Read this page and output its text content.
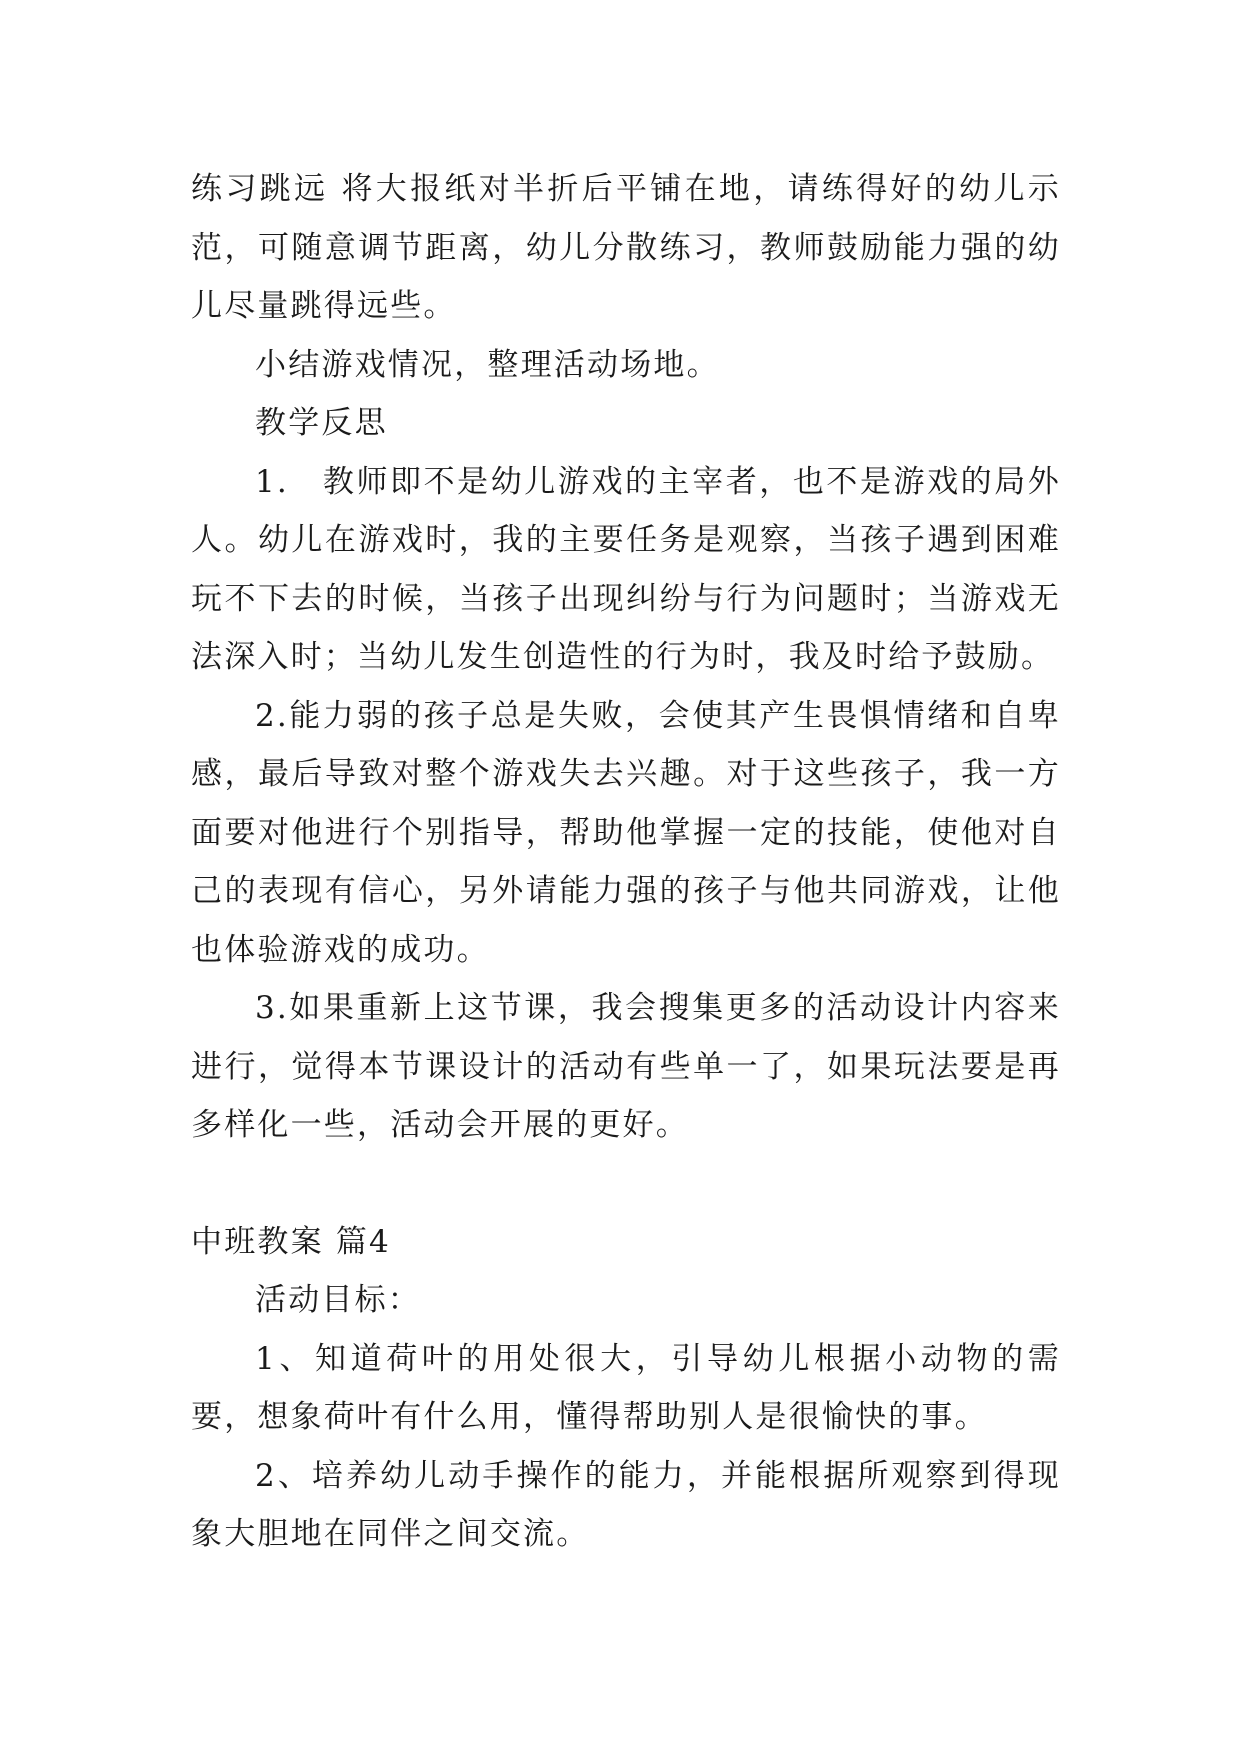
练习跳远 将大报纸对半折后平铺在地，请练得好的幼儿示范，可随意调节距离，幼儿分散练习，教师鼓励能力强的幼儿尽量跳得远些。

小结游戏情况，整理活动场地。

教学反思

1.　教师即不是幼儿游戏的主宰者，也不是游戏的局外人。幼儿在游戏时，我的主要任务是观察，当孩子遇到困难玩不下去的时候，当孩子出现纠纷与行为问题时；当游戏无法深入时；当幼儿发生创造性的行为时，我及时给予鼓励。

2.能力弱的孩子总是失败，会使其产生畏惧情绪和自卑感，最后导致对整个游戏失去兴趣。对于这些孩子，我一方面要对他进行个别指导，帮助他掌握一定的技能，使他对自己的表现有信心，另外请能力强的孩子与他共同游戏，让他也体验游戏的成功。

3.如果重新上这节课，我会搜集更多的活动设计内容来进行，觉得本节课设计的活动有些单一了，如果玩法要是再多样化一些，活动会开展的更好。

中班教案 篇4

活动目标：

1、知道荷叶的用处很大，引导幼儿根据小动物的需要，想象荷叶有什么用，懂得帮助别人是很愉快的事。

2、培养幼儿动手操作的能力，并能根据所观察到得现象大胆地在同伴之间交流。
